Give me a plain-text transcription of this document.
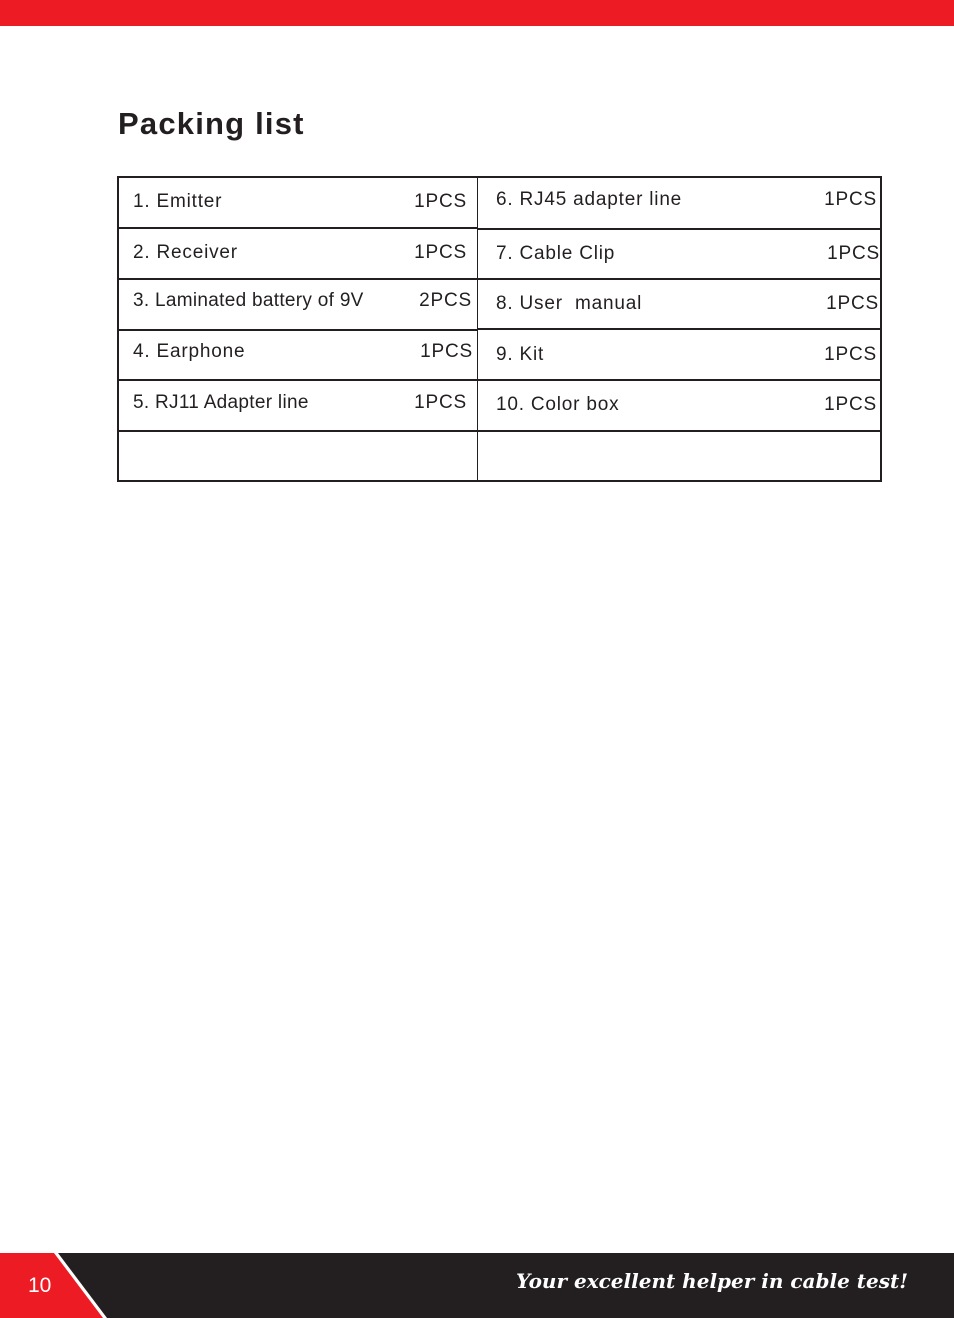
Packing list
1. Emitter	1PCS
2. Receiver	1PCS
3. Laminated battery of 9V	2PCS
4. Earphone	1PCS
5. RJ11 Adapter line	1PCS
6. RJ45 adapter line	1PCS
7. Cable Clip	1PCS
8. User  manual	1PCS
9. Kit	1PCS
10. Color box	1PCS
10	Your excellent helper in cable test!
